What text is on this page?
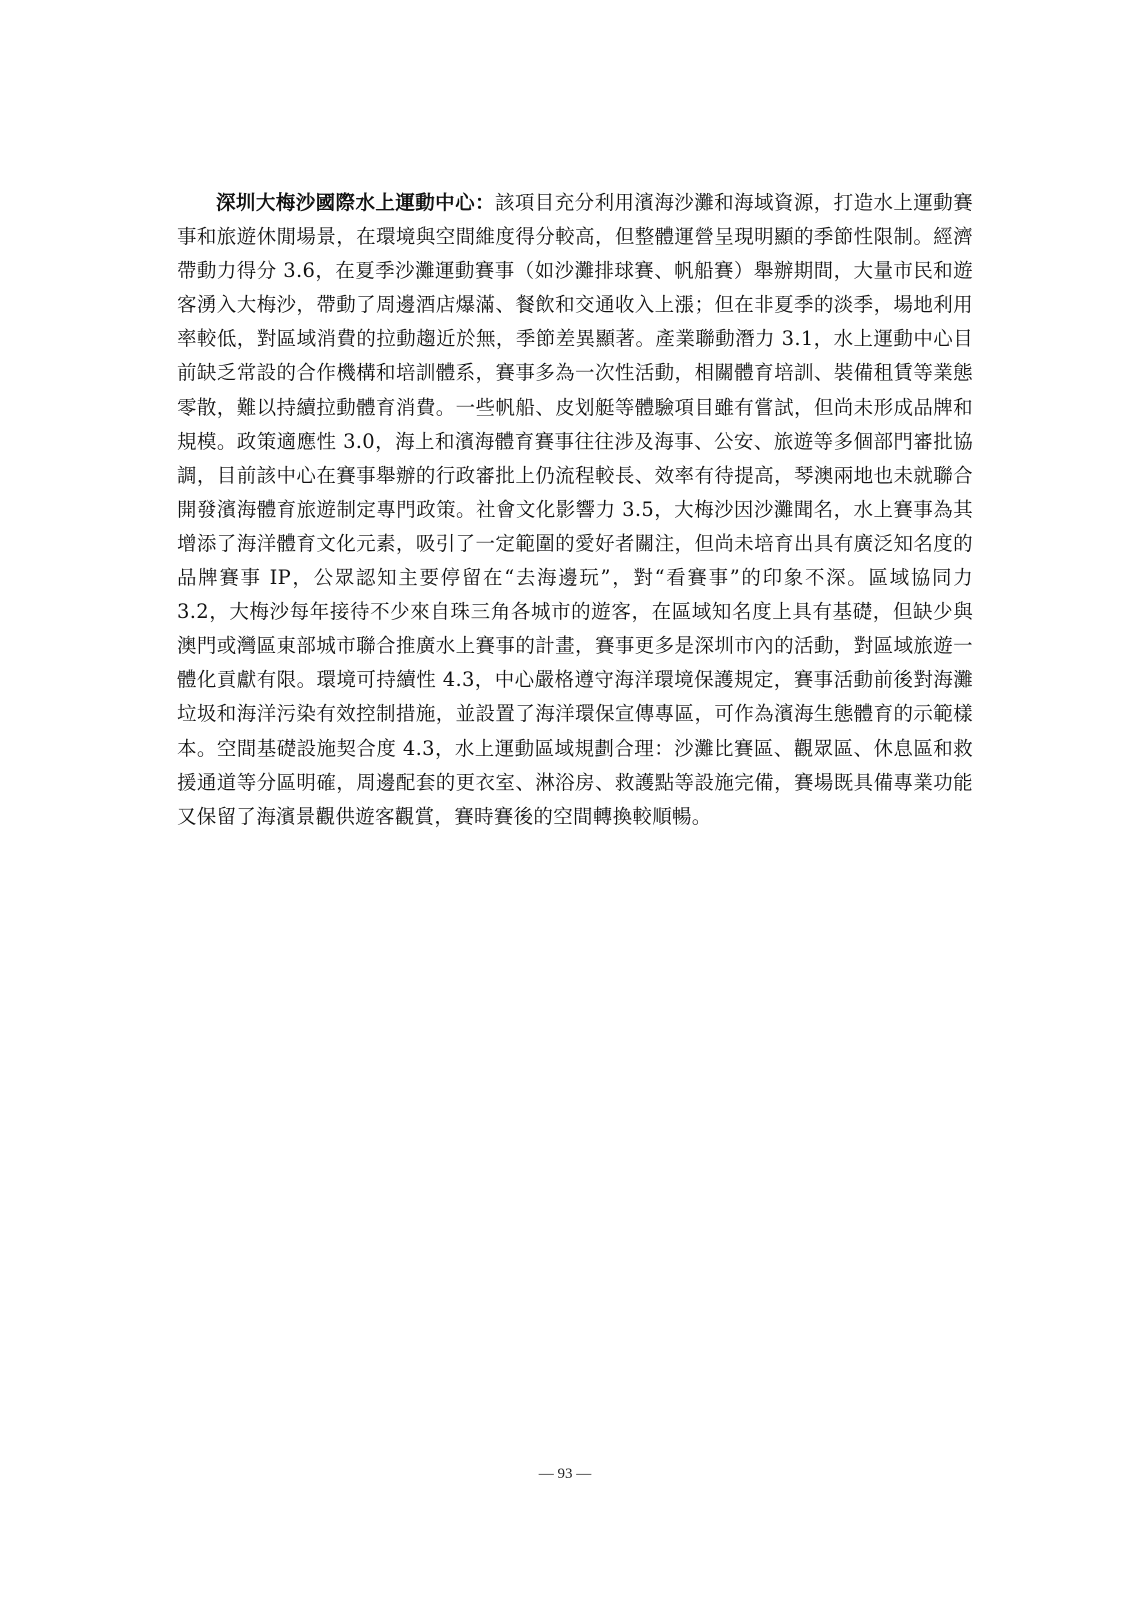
深圳大梅沙國際水上運動中心：該項目充分利用濱海沙灘和海域資源，打造水上運動賽事和旅遊休閒場景，在環境與空間維度得分較高，但整體運營呈現明顯的季節性限制。經濟帶動力得分 3.6，在夏季沙灘運動賽事（如沙灘排球賽、帆船賽）舉辦期間，大量市民和遊客湧入大梅沙，帶動了周邊酒店爆滿、餐飲和交通收入上漲；但在非夏季的淡季，場地利用率較低，對區域消費的拉動趨近於無，季節差異顯著。產業聯動潛力 3.1，水上運動中心目前缺乏常設的合作機構和培訓體系，賽事多為一次性活動，相關體育培訓、裝備租賃等業態零散，難以持續拉動體育消費。一些帆船、皮划艇等體驗項目雖有嘗試，但尚未形成品牌和規模。政策適應性 3.0，海上和濱海體育賽事往往涉及海事、公安、旅遊等多個部門審批協調，目前該中心在賽事舉辦的行政審批上仍流程較長、效率有待提高，琴澳兩地也未就聯合開發濱海體育旅遊制定專門政策。社會文化影響力 3.5，大梅沙因沙灘聞名，水上賽事為其增添了海洋體育文化元素，吸引了一定範圍的愛好者關注，但尚未培育出具有廣泛知名度的品牌賽事 IP，公眾認知主要停留在“去海邊玩”，對“看賽事”的印象不深。區域協同力 3.2，大梅沙每年接待不少來自珠三角各城市的遊客，在區域知名度上具有基礎，但缺少與澳門或灣區東部城市聯合推廣水上賽事的計畫，賽事更多是深圳市內的活動，對區域旅遊一體化貢獻有限。環境可持續性 4.3，中心嚴格遵守海洋環境保護規定，賽事活動前後對海灘垃圾和海洋污染有效控制措施，並設置了海洋環保宣傳專區，可作為濱海生態體育的示範樣本。空間基礎設施契合度 4.3，水上運動區域規劃合理：沙灘比賽區、觀眾區、休息區和救援通道等分區明確，周邊配套的更衣室、淋浴房、救護點等設施完備，賽場既具備專業功能又保留了海濱景觀供遊客觀賞，賽時賽後的空間轉換較順暢。

— 93 —
